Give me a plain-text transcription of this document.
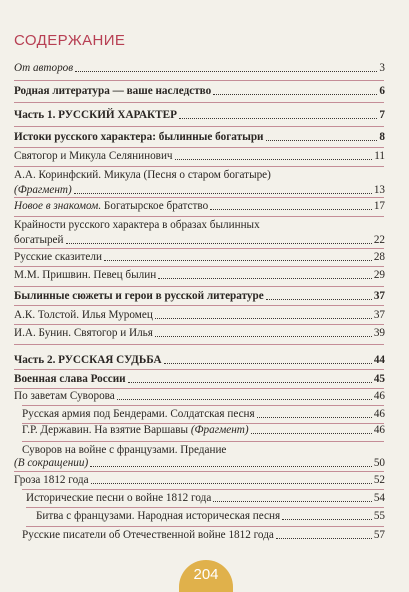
СОДЕРЖАНИЕ
От авторов	3
Родная литература — ваше наследство	6
Часть 1. РУССКИЙ ХАРАКТЕР	7
Истоки русского характера: былинные богатыри	8
Святогор и Микула Селянинович	11
А.А. Коринфский. Микула (Песня о старом богатыре)
(Фрагмент)	13
Новое в знакомом. Богатырское братство	17
Крайности русского характера в образах былинных
богатырей	22
Русские сказители	28
М.М. Пришвин. Певец былин	29
Былинные сюжеты и герои в русской литературе	37
А.К. Толстой. Илья Муромец	37
И.А. Бунин. Святогор и Илья	39
Часть 2. РУССКАЯ СУДЬБА	44
Военная слава России	45
По заветам Суворова	46
Русская армия под Бендерами. Солдатская песня	46
Г.Р. Державин. На взятие Варшавы (Фрагмент)	46
Суворов на войне с французами. Предание
(В сокращении)	50
Гроза 1812 года	52
Исторические песни о войне 1812 года	54
Битва с французами. Народная историческая песня	55
Русские писатели об Отечественной войне 1812 года	57
204
